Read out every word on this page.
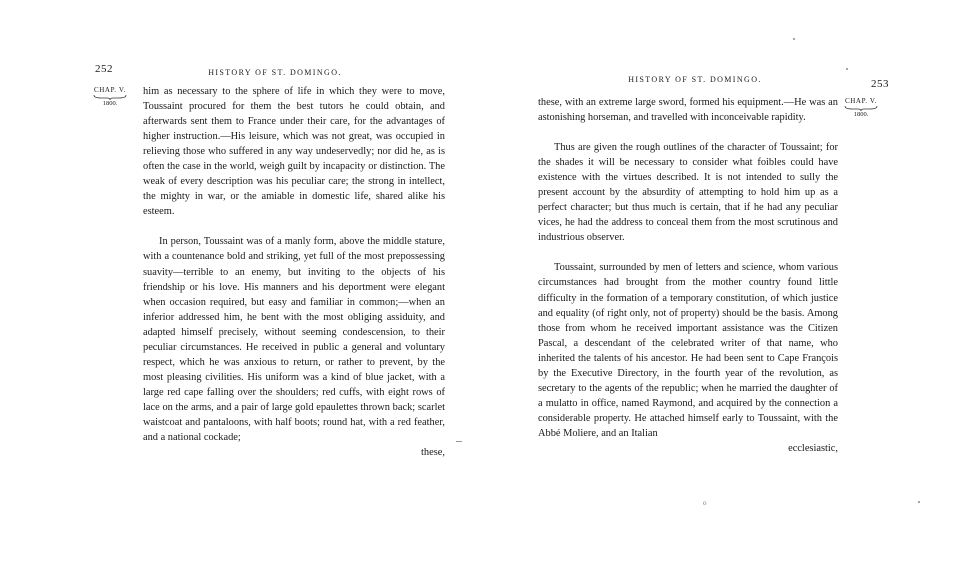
252	HISTORY OF ST. DOMINGO.
CHAP. V.
1800.

him as necessary to the sphere of life in which they were to move, Toussaint procured for them the best tutors he could obtain, and afterwards sent them to France under their care, for the advantages of higher instruction.—His leisure, which was not great, was occupied in relieving those who suffered in any way undeservedly; nor did he, as is often the case in the world, weigh guilt by incapacity or distinction. The weak of every description was his peculiar care; the strong in intellect, the mighty in war, or the amiable in domestic life, shared alike his esteem.

In person, Toussaint was of a manly form, above the middle stature, with a countenance bold and striking, yet full of the most prepossessing suavity—terrible to an enemy, but inviting to the objects of his friendship or his love. His manners and his deportment were elegant when occasion required, but easy and familiar in common;—when an inferior addressed him, he bent with the most obliging assiduity, and adapted himself precisely, without seeming condescension, to their peculiar circumstances. He received in public a general and voluntary respect, which he was anxious to return, or rather to prevent, by the most pleasing civilities. His uniform was a kind of blue jacket, with a large red cape falling over the shoulders; red cuffs, with eight rows of lace on the arms, and a pair of large gold epaulettes thrown back; scarlet waistcoat and pantaloons, with half boots; round hat, with a red feather, and a national cockade;

these,
253
HISTORY OF ST. DOMINGO.
CHAP. V.
1800.

these, with an extreme large sword, formed his equipment.—He was an astonishing horseman, and travelled with inconceivable rapidity.

Thus are given the rough outlines of the character of Toussaint; for the shades it will be necessary to consider what foibles could have existence with the virtues described. It is not intended to sully the present account by the absurdity of attempting to hold him up as a perfect character; but thus much is certain, that if he had any peculiar vices, he had the address to conceal them from the most scrutinous and industrious observer.

Toussaint, surrounded by men of letters and science, whom various circumstances had brought from the mother country found little difficulty in the formation of a temporary constitution, of which justice and equality (of right only, not of property) should be the basis. Among those from whom he received important assistance was the Citizen Pascal, a descendant of the celebrated writer of that name, who inherited the talents of his ancestor. He had been sent to Cape François by the Executive Directory, in the fourth year of the revolution, as secretary to the agents of the republic; when he married the daughter of a mulatto in office, named Raymond, and acquired by the connection a considerable property. He attached himself early to Toussaint, with the Abbé Moliere, and an Italian

ecclesiastic,
o
